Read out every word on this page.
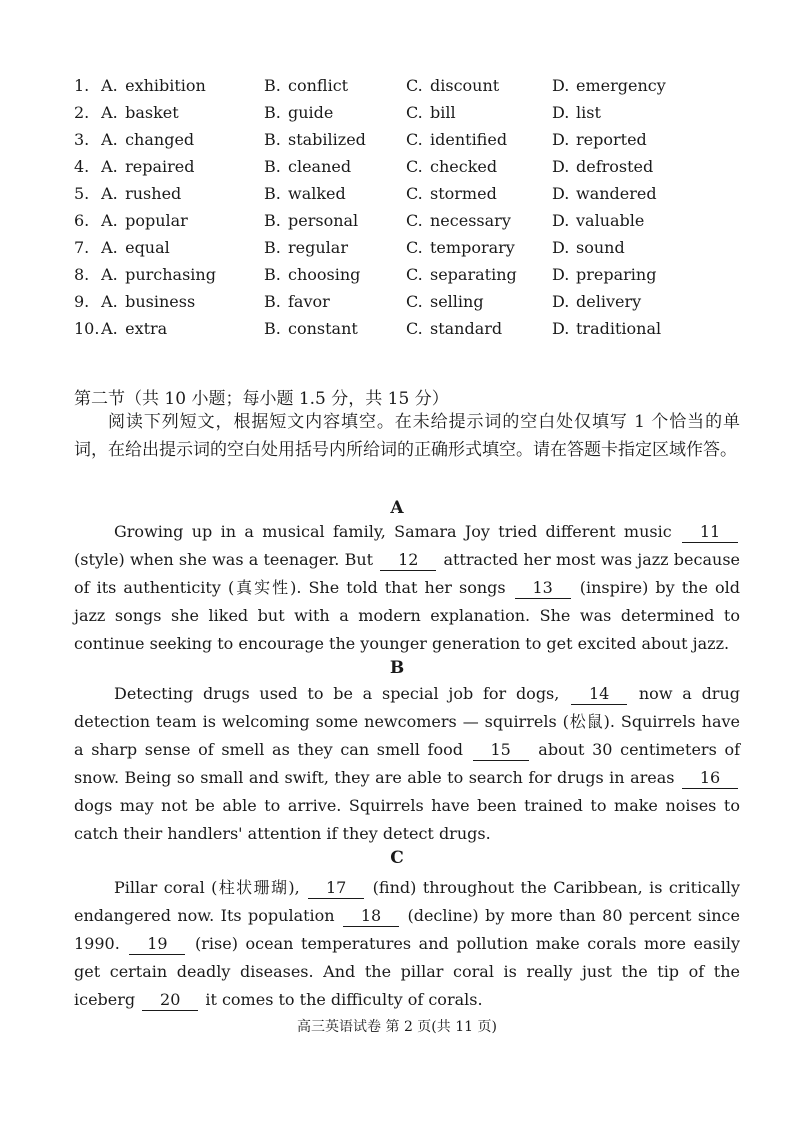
1. A. exhibition	B. conflict	C. discount	D. emergency
2. A. basket	B. guide	C. bill	D. list
3. A. changed	B. stabilized	C. identified	D. reported
4. A. repaired	B. cleaned	C. checked	D. defrosted
5. A. rushed	B. walked	C. stormed	D. wandered
6. A. popular	B. personal	C. necessary	D. valuable
7. A. equal	B. regular	C. temporary D. sound
8. A. purchasing	B. choosing	C. separating D. preparing
9. A. business	B. favor	C. selling	D. delivery
10. A. extra	B. constant	C. standard	D. traditional
第二节（共 10 小题；每小题 1.5 分，共 15 分）
阅读下列短文，根据短文内容填空。在未给提示词的空白处仅填写 1 个恰当的单词，在给出提示词的空白处用括号内所给词的正确形式填空。请在答题卡指定区域作答。
A
Growing up in a musical family, Samara Joy tried different music 11 (style) when she was a teenager. But 12 attracted her most was jazz because of its authenticity (真实性). She told that her songs 13 (inspire) by the old jazz songs she liked but with a modern explanation. She was determined to continue seeking to encourage the younger generation to get excited about jazz.
B
Detecting drugs used to be a special job for dogs, 14 now a drug detection team is welcoming some newcomers — squirrels (松鼠). Squirrels have a sharp sense of smell as they can smell food 15 about 30 centimeters of snow. Being so small and swift, they are able to search for drugs in areas 16 dogs may not be able to arrive. Squirrels have been trained to make noises to catch their handlers' attention if they detect drugs.
C
Pillar coral (柱状珊瑚), 17 (find) throughout the Caribbean, is critically endangered now. Its population 18 (decline) by more than 80 percent since 1990. 19 (rise) ocean temperatures and pollution make corals more easily get certain deadly diseases. And the pillar coral is really just the tip of the iceberg 20 it comes to the difficulty of corals.
高三英语试卷 第 2 页(共 11 页)
